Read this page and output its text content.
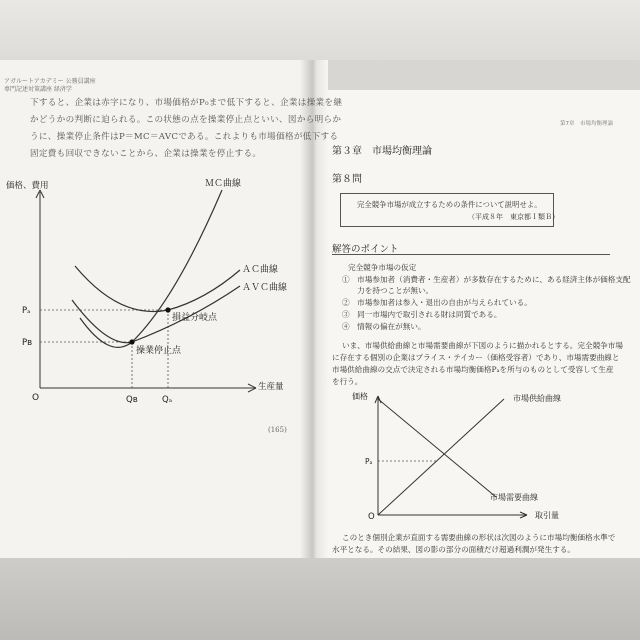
アガルートアカデミー 公務員講座
専門記述対策講座 経済学
下すると、企業は赤字になり、市場価格がP₀まで低下すると、企業は操業を継
かどうかの判断に迫られる。この状態の点を操業停止点といい、図から明らか
うに、操業停止条件はP＝MC＝AVCである。これよりも市場価格が低下する
固定費も回収できないことから、企業は操業を停止する。
価格、費用
生産量
O
ＭＣ曲線
ＡＣ曲線
ＡＶＣ曲線
損益分岐点
操業停止点
Pₐ
Pʙ
Qʙ	Qₐ
(165)
第7章　市場均衡理論
第３章　市場均衡理論
第８問
完全競争市場が成立するための条件について説明せよ。
（平成８年　東京都Ｉ類Ｂ）
解答のポイント
完全競争市場の仮定
①　市場参加者（消費者・生産者）が多数存在するために、ある経済主体が価格支配
　　力を持つことが無い。
②　市場参加者は参入・退出の自由が与えられている。
③　同一市場内で取引される財は同質である。
④　情報の偏在が無い。
いま、市場供給曲線と市場需要曲線が下図のように描かれるとする。完全競争市場
に存在する個別の企業はプライス・テイカー（価格受容者）であり、市場需要曲線と
市場供給曲線の交点で決定される市場均衡価格Pₐを所与のものとして受容して生産
を行う。
価格
取引量
O
Pₐ
市場供給曲線
市場需要曲線
このとき個別企業が直面する需要曲線の形状は次図のように市場均衡価格水準で
水平となる。その結果、図の影の部分の面積だけ超過利潤が発生する。
